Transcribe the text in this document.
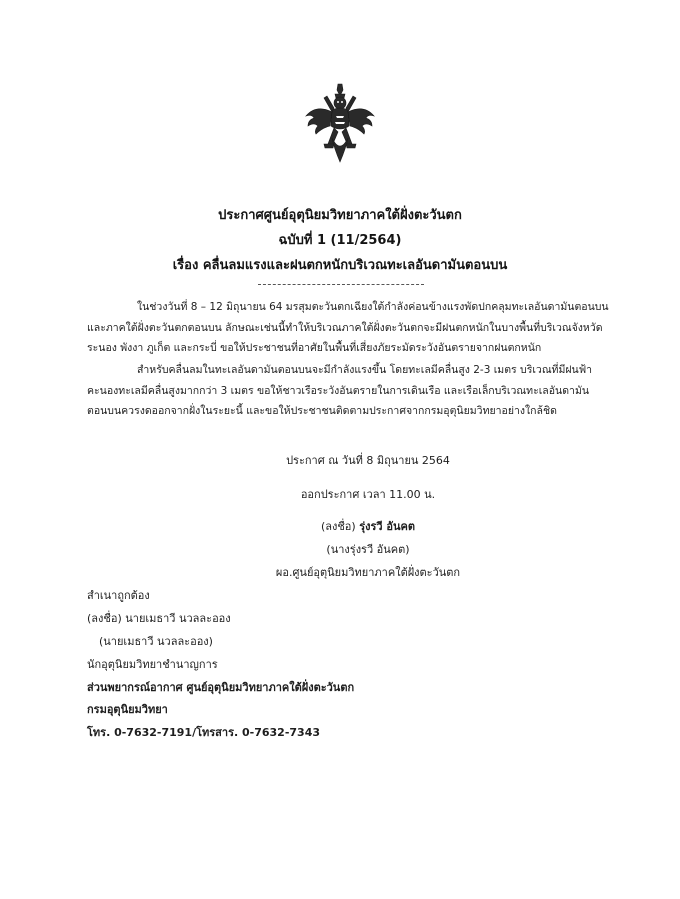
ประกาศศูนย์อุตุนิยมวิทยาภาคใต้ฝั่งตะวันตก
ฉบับที่ 1 (11/2564)
เรื่อง คลื่นลมแรงและฝนตกหนักบริเวณทะเลอันดามันตอนบน
ในช่วงวันที่ 8 – 12 มิถุนายน 64 มรสุมตะวันตกเฉียงใต้กำลังค่อนข้างแรงพัดปกคลุมทะเลอันดามันตอนบน
และภาคใต้ฝั่งตะวันตกตอนบน ลักษณะเช่นนี้ทำให้บริเวณภาคใต้ฝั่งตะวันตกจะมีฝนตกหนักในบางพื้นที่บริเวณจังหวัด
ระนอง พังงา ภูเก็ต และกระบี่ ขอให้ประชาชนที่อาศัยในพื้นที่เสี่ยงภัยระมัดระวังอันตรายจากฝนตกหนัก
สำหรับคลื่นลมในทะเลอันดามันตอนบนจะมีกำลังแรงขึ้น โดยทะเลมีคลื่นสูง 2-3 เมตร บริเวณที่มีฝนฟ้า
คะนองทะเลมีคลื่นสูงมากกว่า 3 เมตร ขอให้ชาวเรือระวังอันตรายในการเดินเรือ และเรือเล็กบริเวณทะเลอันดามัน
ตอนบนควรงดออกจากฝั่งในระยะนี้ และขอให้ประชาชนติดตามประกาศจากกรมอุตุนิยมวิทยาอย่างใกล้ชิด
ประกาศ ณ วันที่ 8 มิถุนายน 2564
ออกประกาศ เวลา 11.00 น.
(ลงชื่อ) รุ่งรวี อันคต
(นางรุ่งรวี อันคต)
ผอ.ศูนย์อุตุนิยมวิทยาภาคใต้ฝั่งตะวันตก
สำเนาถูกต้อง
(ลงชื่อ) นายเมธาวี นวลละออง
(นายเมธาวี นวลละออง)
นักอุตุนิยมวิทยาชำนาญการ
ส่วนพยากรณ์อากาศ ศูนย์อุตุนิยมวิทยาภาคใต้ฝั่งตะวันตก
กรมอุตุนิยมวิทยา
โทร. 0-7632-7191/โทรสาร. 0-7632-7343
